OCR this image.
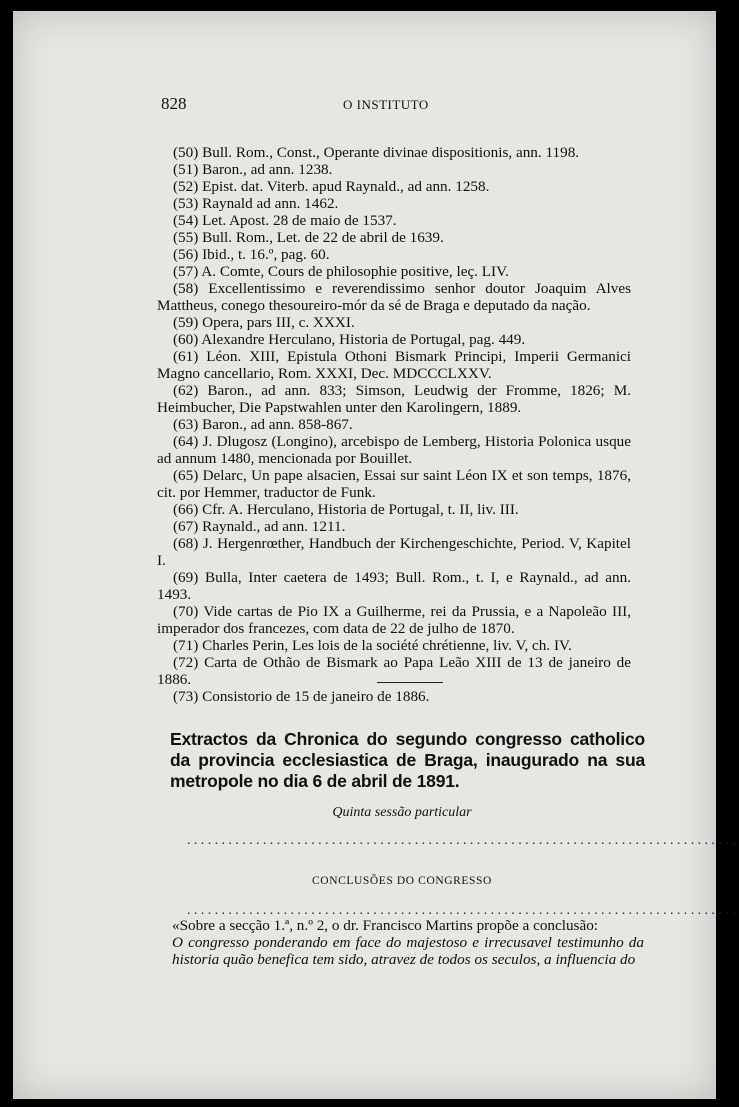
828	O INSTITUTO

(50) Bull. Rom., Const., Operante divinae dispositionis, ann. 1198.

(51) Baron., ad ann. 1238.

(52) Epist. dat. Viterb. apud Raynald., ad ann. 1258.

(53) Raynald ad ann. 1462.

(54) Let. Apost. 28 de maio de 1537.

(55) Bull. Rom., Let. de 22 de abril de 1639.

(56) Ibid., t. 16.º, pag. 60.

(57) A. Comte, Cours de philosophie positive, leç. LIV.

(58) Excellentissimo e reverendissimo senhor doutor Joaquim Alves Mattheus, conego thesoureiro-mór da sé de Braga e deputado da nação.

(59) Opera, pars III, c. XXXI.

(60) Alexandre Herculano, Historia de Portugal, pag. 449.

(61) Léon. XIII, Epistula Othoni Bismark Principi, Imperii Germanici Magno cancellario, Rom. XXXI, Dec. MDCCCLXXV.

(62) Baron., ad ann. 833; Simson, Leudwig der Fromme, 1826; M. Heimbucher, Die Papstwahlen unter den Karolingern, 1889.

(63) Baron., ad ann. 858-867.

(64) J. Dlugosz (Longino), arcebispo de Lemberg, Historia Polonica usque ad annum 1480, mencionada por Bouillet.

(65) Delarc, Un pape alsacien, Essai sur saint Léon IX et son temps, 1876, cit. por Hemmer, traductor de Funk.

(66) Cfr. A. Herculano, Historia de Portugal, t. II, liv. III.

(67) Raynald., ad ann. 1211.

(68) J. Hergenrœther, Handbuch der Kirchengeschichte, Period. V, Kapitel I.

(69) Bulla, Inter caetera de 1493; Bull. Rom., t. I, e Raynald., ad ann. 1493.

(70) Vide cartas de Pio IX a Guilherme, rei da Prussia, e a Napoleão III, imperador dos francezes, com data de 22 de julho de 1870.

(71) Charles Perin, Les lois de la société chrétienne, liv. V, ch. IV.

(72) Carta de Othão de Bismark ao Papa Leão XIII de 13 de janeiro de 1886.

(73) Consistorio de 15 de janeiro de 1886.

Extractos da Chronica do segundo congresso catholico da provincia ecclesiastica de Braga, inaugurado na sua metropole no dia 6 de abril de 1891.
Quinta sessão particular
................................................................................
CONCLUSÕES DO CONGRESSO
................................................................................

«Sobre a secção 1.ª, n.º 2, o dr. Francisco Martins propõe a conclusão:

O congresso ponderando em face do majestoso e irrecusavel testimunho da historia quão benefica tem sido, atravez de todos os seculos, a influencia do
